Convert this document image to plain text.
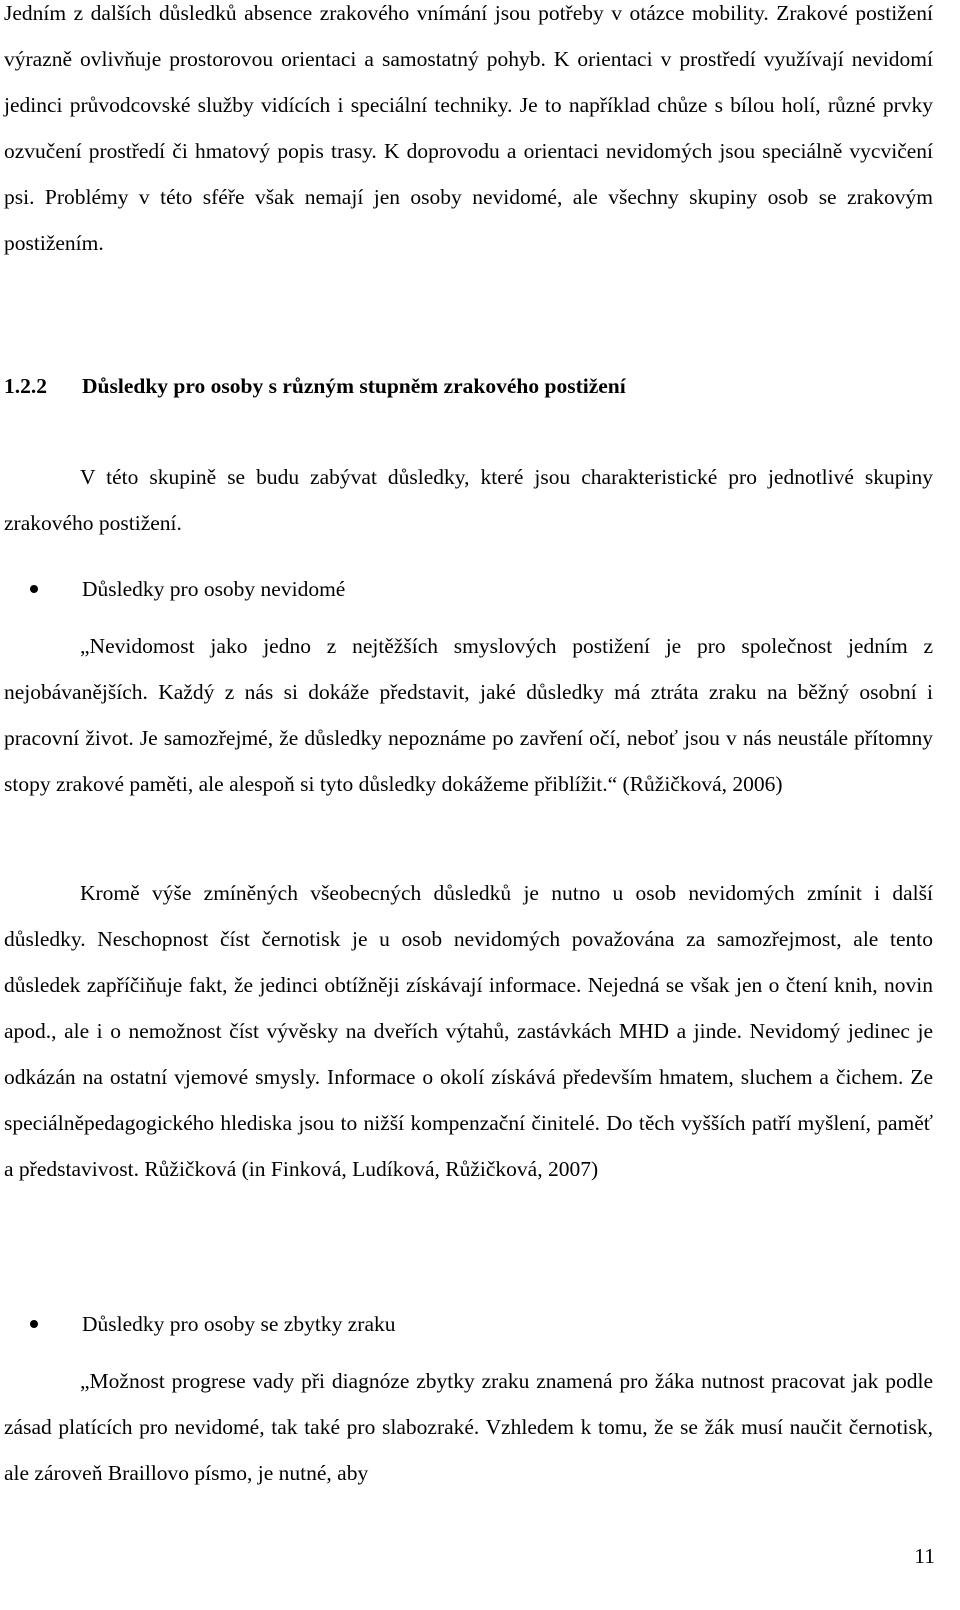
Jedním z dalších důsledků absence zrakového vnímání jsou potřeby v otázce mobility. Zrakové postižení výrazně ovlivňuje prostorovou orientaci a samostatný pohyb. K orientaci v prostředí využívají nevidomí jedinci průvodcovské služby vidících i speciální techniky. Je to například chůze s bílou holí, různé prvky ozvučení prostředí či hmatový popis trasy. K doprovodu a orientaci nevidomých jsou speciálně vycvičení psi. Problémy v této sféře však nemají jen osoby nevidomé, ale všechny skupiny osob se zrakovým postižením.

1.2.2 Důsledky pro osoby s různým stupněm zrakového postižení

V této skupině se budu zabývat důsledky, které jsou charakteristické pro jednotlivé skupiny zrakového postižení.

Důsledky pro osoby nevidomé

„Nevidomost jako jedno z nejtěžších smyslových postižení je pro společnost jedním z nejobávanějších. Každý z nás si dokáže představit, jaké důsledky má ztráta zraku na běžný osobní i pracovní život. Je samozřejmé, že důsledky nepoznáme po zavření očí, neboť jsou v nás neustále přítomny stopy zrakové paměti, ale alespoň si tyto důsledky dokážeme přiblížit.“ (Růžičková, 2006)

Kromě výše zmíněných všeobecných důsledků je nutno u osob nevidomých zmínit i další důsledky. Neschopnost číst černotisk je u osob nevidomých považována za samozřejmost, ale tento důsledek zapříčiňuje fakt, že jedinci obtížněji získávají informace. Nejedná se však jen o čtení knih, novin apod., ale i o nemožnost číst vývěsky na dveřích výtahů, zastávkách MHD a jinde. Nevidomý jedinec je odkázán na ostatní vjemové smysly. Informace o okolí získává především hmatem, sluchem a čichem. Ze speciálněpedagogického hlediska jsou to nižší kompenzační činitelé. Do těch vyšších patří myšlení, paměť a představivost. Růžičková (in Finková, Ludíková, Růžičková, 2007)

Důsledky pro osoby se zbytky zraku

„Možnost progrese vady při diagnóze zbytky zraku znamená pro žáka nutnost pracovat jak podle zásad platících pro nevidomé, tak také pro slabozraké. Vzhledem k tomu, že se žák musí naučit černotisk, ale zároveň Braillovo písmo, je nutné, aby

11
